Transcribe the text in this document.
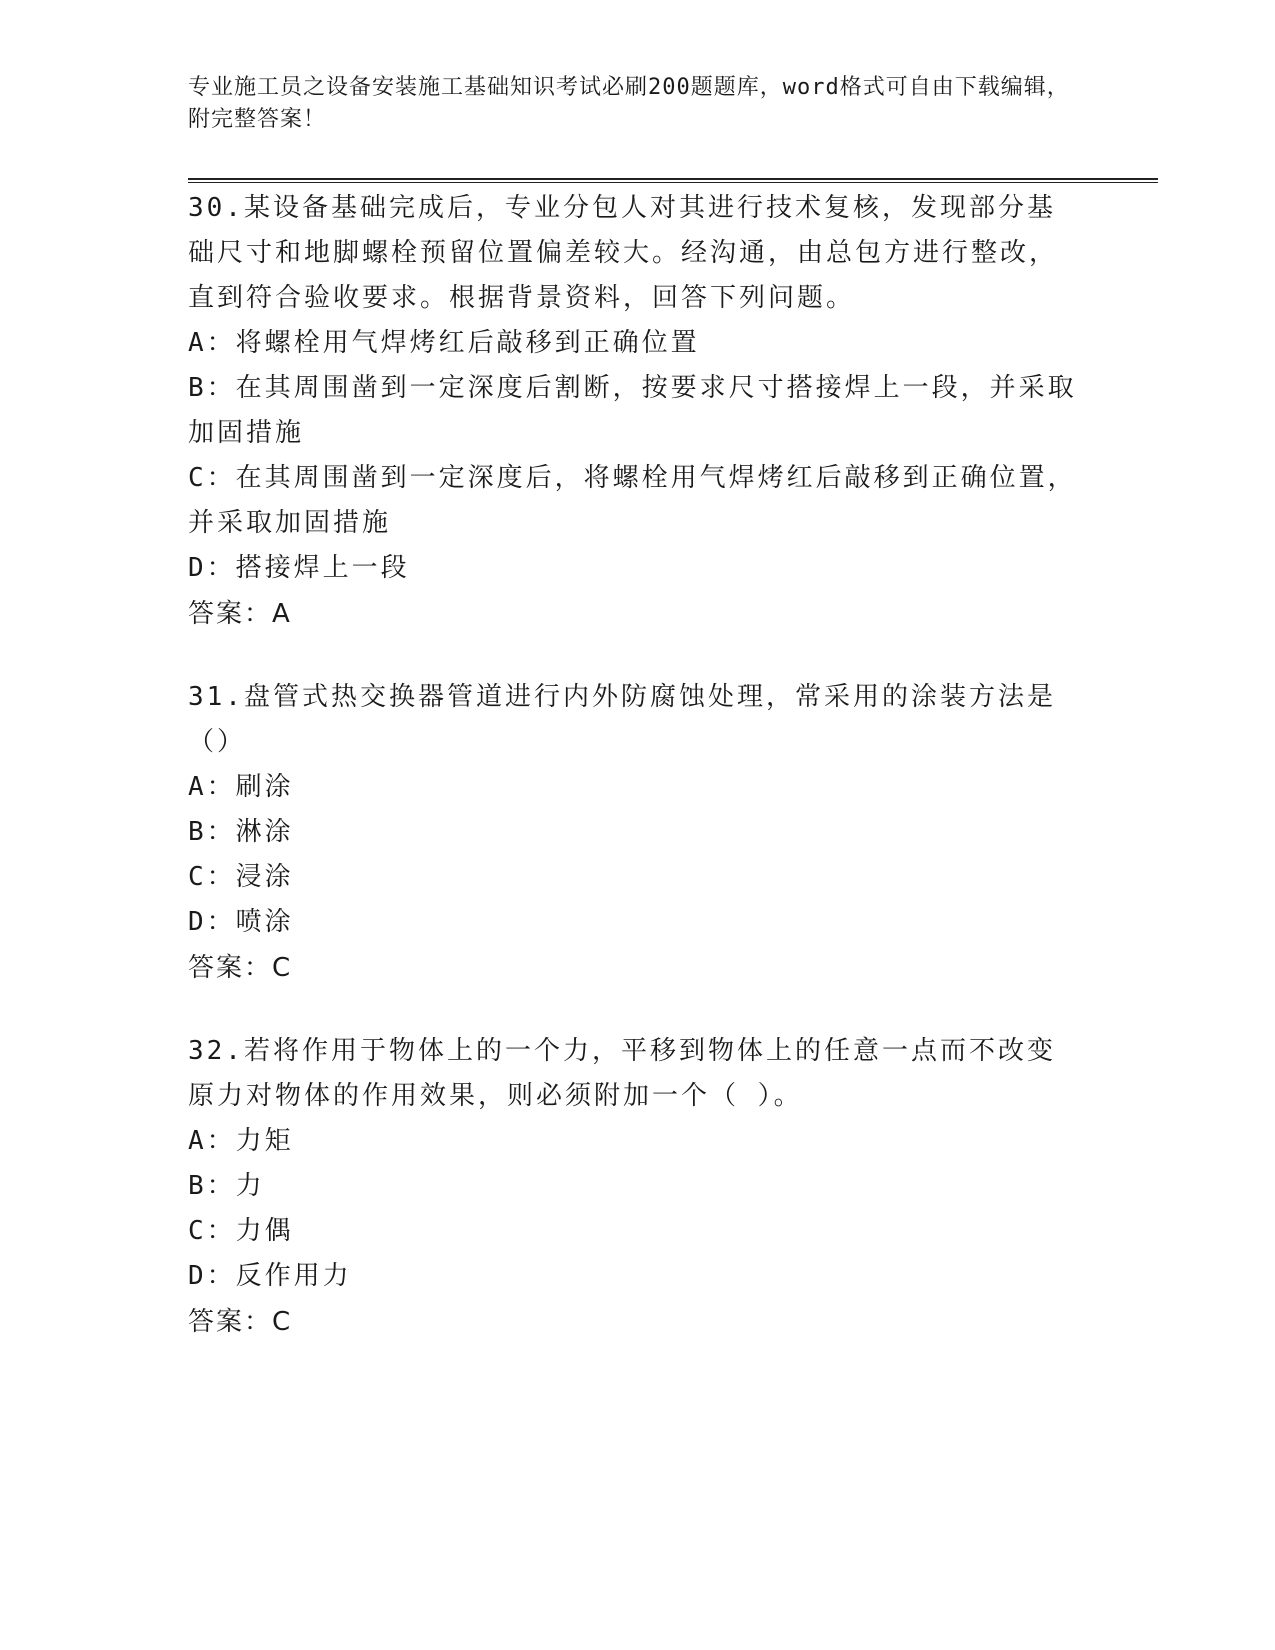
专业施工员之设备安装施工基础知识考试必刷200题题库，word格式可自由下载编辑，附完整答案！

30.某设备基础完成后，专业分包人对其进行技术复核，发现部分基础尺寸和地脚螺栓预留位置偏差较大。经沟通，由总包方进行整改，直到符合验收要求。根据背景资料，回答下列问题。

A：将螺栓用气焊烤红后敲移到正确位置

B：在其周围凿到一定深度后割断，按要求尺寸搭接焊上一段，并采取加固措施

C：在其周围凿到一定深度后，将螺栓用气焊烤红后敲移到正确位置，并采取加固措施

D：搭接焊上一段

答案：A

31.盘管式热交换器管道进行内外防腐蚀处理，常采用的涂装方法是（）

A：刷涂

B：淋涂

C：浸涂

D：喷涂

答案：C

32.若将作用于物体上的一个力，平移到物体上的任意一点而不改变原力对物体的作用效果，则必须附加一个（ ）。

A：力矩

B：力

C：力偶

D：反作用力

答案：C
